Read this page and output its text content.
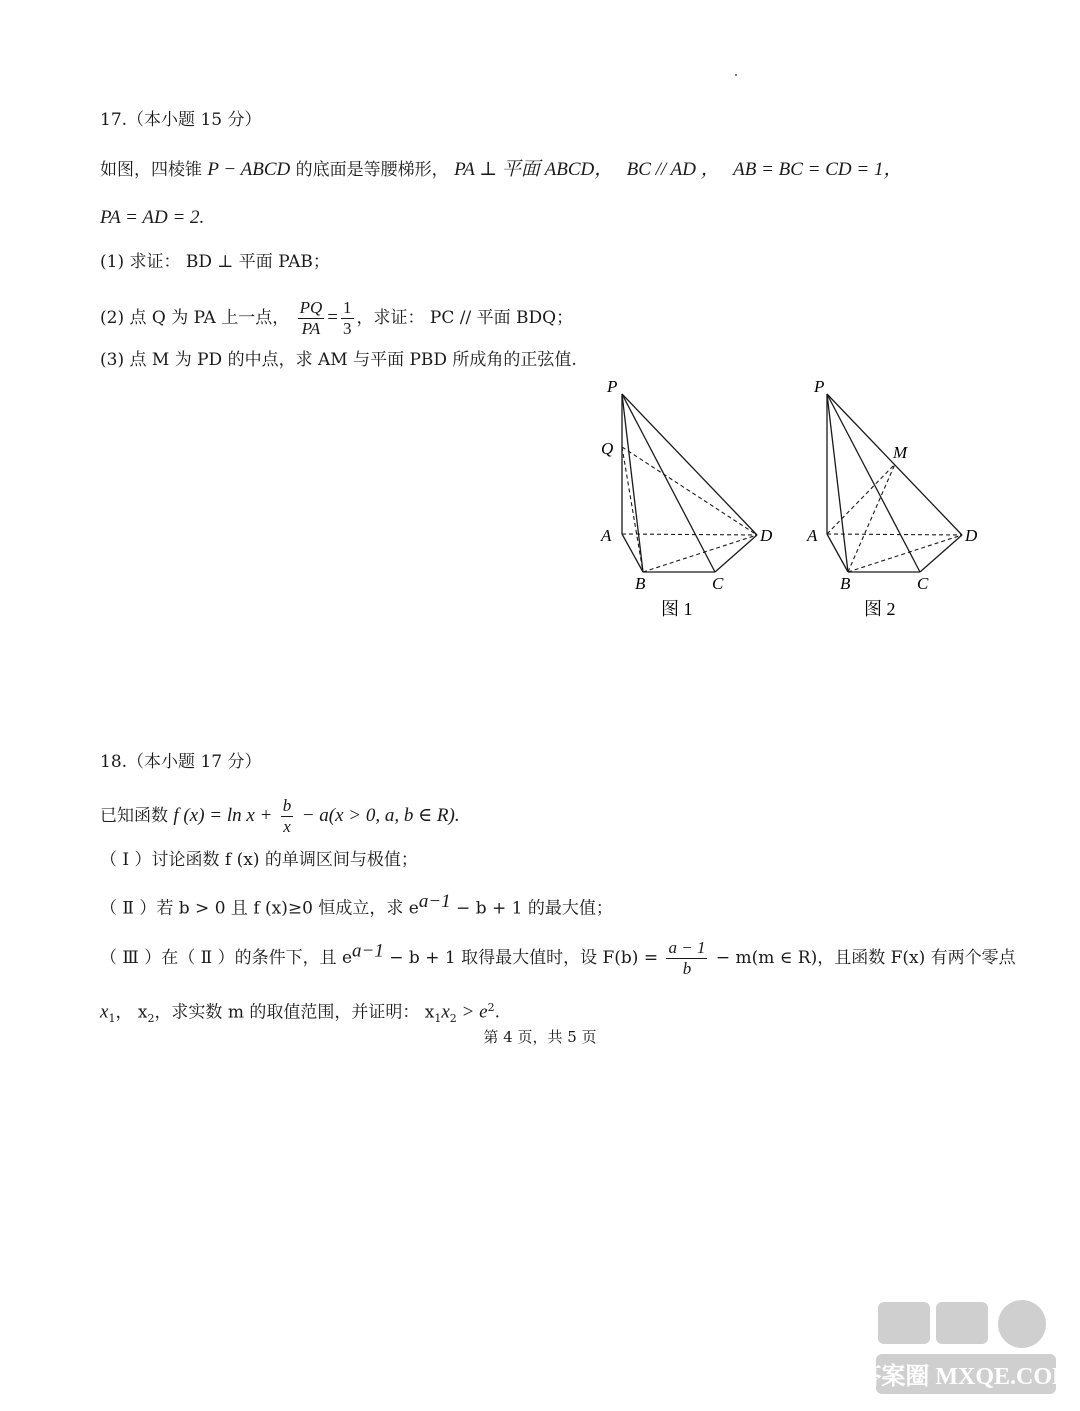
17.（本小题 15 分）
如图，四棱锥 P − ABCD 的底面是等腰梯形， PA ⊥ 平面 ABCD， BC // AD ， AB = BC = CD = 1，
PA = AD = 2.
(1) 求证： BD ⊥ 平面 PAB；
(2) 点 Q 为 PA 上一点， $\frac{PQ}{PA} = \frac{1}{3}$ ，求证： PC // 平面 BDQ；
(3) 点 M 为 PD 的中点，求 AM 与平面 PBD 所成角的正弦值.
P
Q
A
B	C
D
图 1
P
M
A
B	C
D
图 2
18.（本小题 17 分）
已知函数 f $(x) = \ln x + \frac{b}{x} - a(x > 0$, a, b ∈ R).
（ Ⅰ ）讨论函数 f (x) 的单调区间与极值；
（ Ⅱ ）若 b > 0 且 f (x)≥0 恒成立，求 $e^{a-1} - b + 1$ 的最大值；
（ Ⅲ ）在（ Ⅱ ）的条件下，且 $e^{a-1} - b + 1$ 取得最大值时，设 $F(b) = \frac{a - 1}{b} - m(m$ ∈ R)，且函数 F(x) 有两个零点
$x_1$， $x_2$，求实数 m 的取值范围，并证明： $x_1x_2 > e^2$.
第 4 页，共 5 页
答案圈 MXQE.COM
